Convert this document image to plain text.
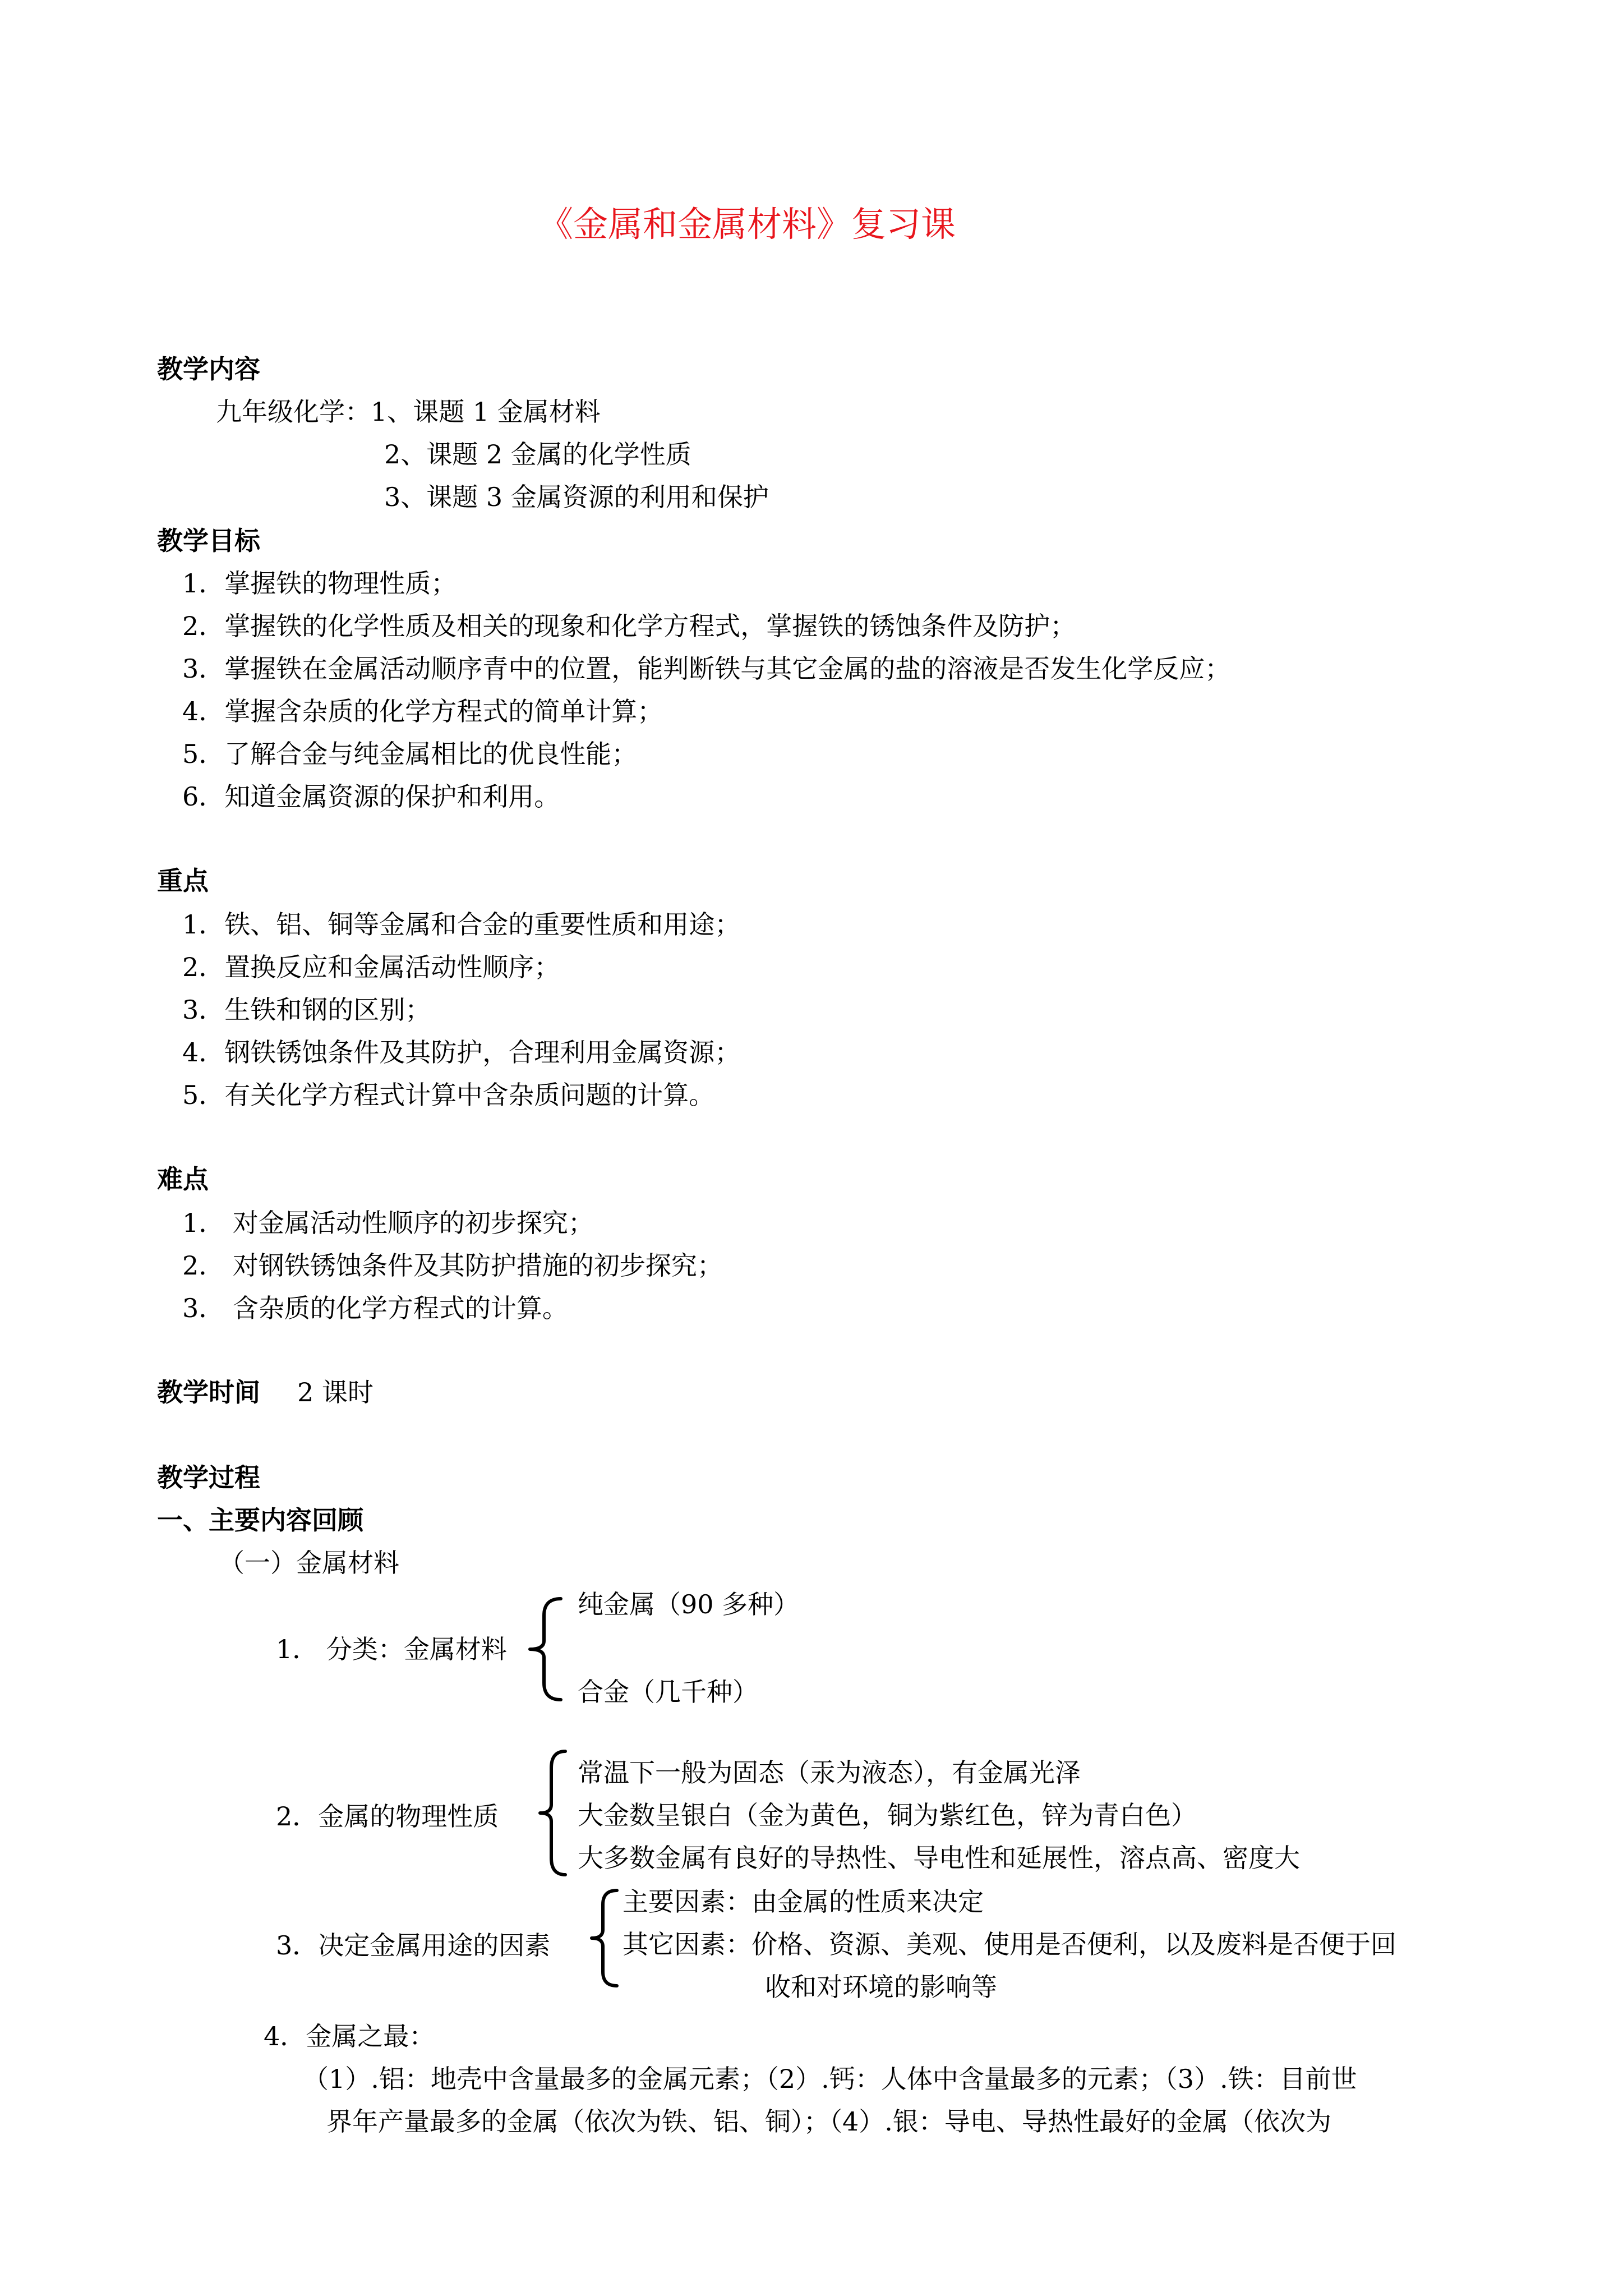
《金属和金属材料》复习课
教学内容
九年级化学：1、课题 1 金属材料
2、课题 2 金属的化学性质
3、课题 3 金属资源的利用和保护
教学目标
1．掌握铁的物理性质；
2．掌握铁的化学性质及相关的现象和化学方程式，掌握铁的锈蚀条件及防护；
3．掌握铁在金属活动顺序青中的位置，能判断铁与其它金属的盐的溶液是否发生化学反应；
4．掌握含杂质的化学方程式的简单计算；
5．了解合金与纯金属相比的优良性能；
6．知道金属资源的保护和利用。
重点
1．铁、铝、铜等金属和合金的重要性质和用途；
2．置换反应和金属活动性顺序；
3．生铁和钢的区别；
4．钢铁锈蚀条件及其防护，合理利用金属资源；
5．有关化学方程式计算中含杂质问题的计算。
难点
1． 对金属活动性顺序的初步探究；
2． 对钢铁锈蚀条件及其防护措施的初步探究；
3． 含杂质的化学方程式的计算。
教学时间 2 课时
教学过程
一、主要内容回顾
（一）金属材料
1． 分类：金属材料
纯金属（90 多种）
合金（几千种）
2．金属的物理性质
常温下一般为固态（汞为液态），有金属光泽
大金数呈银白（金为黄色，铜为紫红色，锌为青白色）
大多数金属有良好的导热性、导电性和延展性，溶点高、密度大
3．决定金属用途的因素
主要因素：由金属的性质来决定
其它因素：价格、资源、美观、使用是否便利，以及废料是否便于回
收和对环境的影响等
4．金属之最：
（1）.铝：地壳中含量最多的金属元素；（2）.钙：人体中含量最多的元素；（3）.铁：目前世
界年产量最多的金属（依次为铁、铝、铜）；（4）.银：导电、导热性最好的金属（依次为
